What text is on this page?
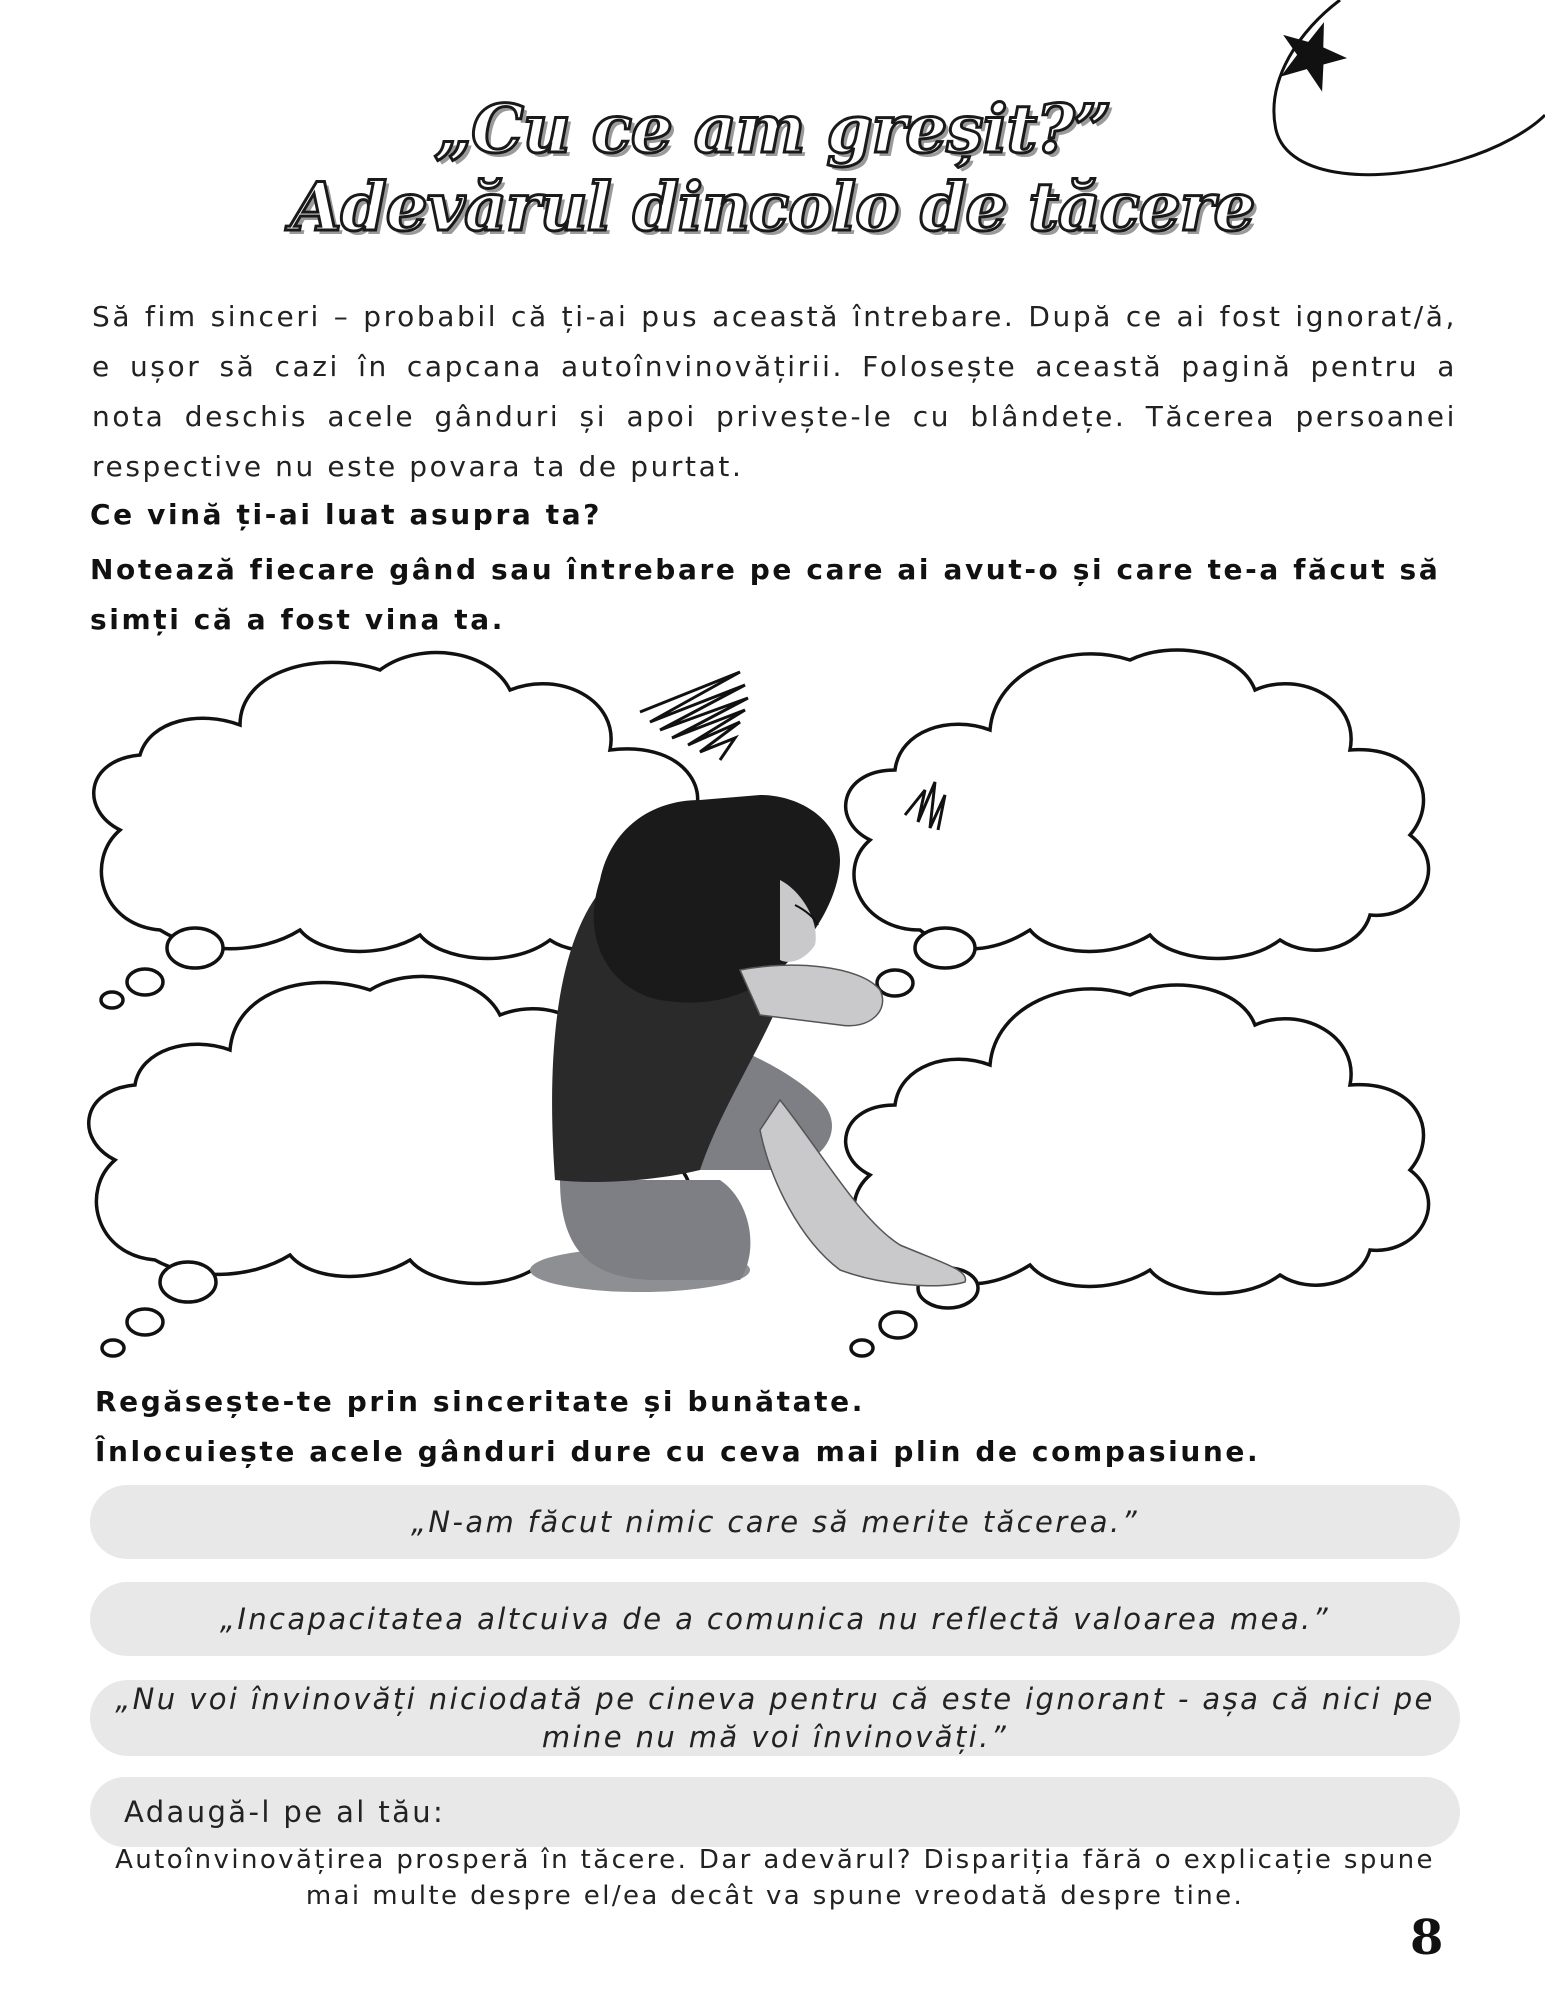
„Cu ce am greșit?”
Adevărul dincolo de tăcere
Să fim sinceri – probabil că ți-ai pus această întrebare. După ce ai fost ignorat/ă, e ușor să cazi în capcana autoînvinovățirii. Folosește această pagină pentru a nota deschis acele gânduri și apoi privește-le cu blândețe. Tăcerea persoanei respective nu este povara ta de purtat.
Ce vină ți-ai luat asupra ta?
Notează fiecare gând sau întrebare pe care ai avut-o și care te-a făcut să simți că a fost vina ta.
Regăsește-te prin sinceritate și bunătate.
Înlocuiește acele gânduri dure cu ceva mai plin de compasiune.
„N-am făcut nimic care să merite tăcerea.”
„Incapacitatea altcuiva de a comunica nu reflectă valoarea mea.”
„Nu voi învinovăți niciodată pe cineva pentru că este ignorant - așa că nici pe mine nu mă voi învinovăți.”
Adaugă-l pe al tău:
Autoînvinovățirea prosperă în tăcere. Dar adevărul? Dispariția fără o explicație spune mai multe despre el/ea decât va spune vreodată despre tine.
8
